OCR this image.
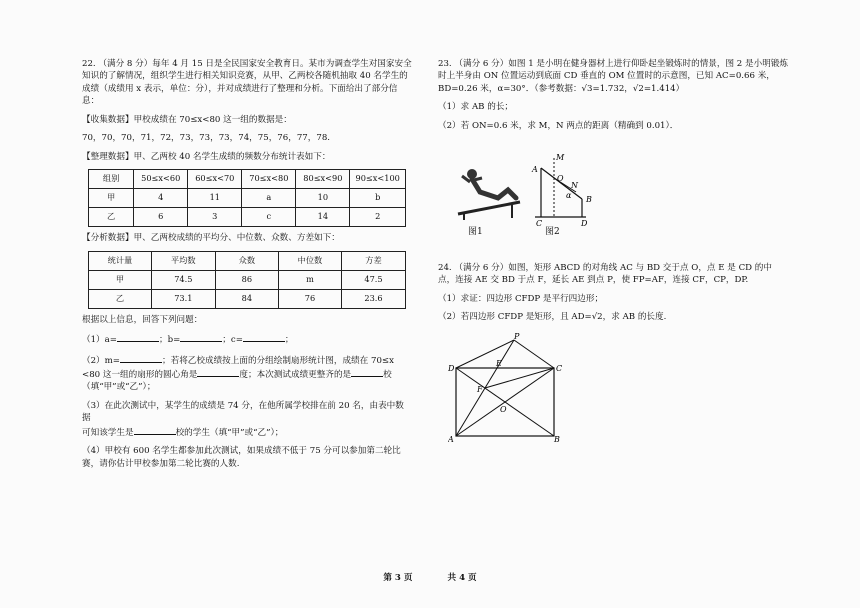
22. （满分 8 分）每年 4 月 15 日是全民国家安全教育日。某市为调查学生对国家安全知识的了解情况，组织学生进行相关知识竞赛，从甲、乙两校各随机抽取 40 名学生的成绩（成绩用 x 表示，单位：分），并对成绩进行了整理和分析。下面给出了部分信息：

【收集数据】甲校成绩在 70≤x<80 这一组的数据是：

70，70，70，71，72，73，73，73，74，75，76，77，78.

【整理数据】甲、乙两校 40 名学生成绩的频数分布统计表如下：

组别	50≤x<60	60≤x<70	70≤x<80	80≤x<90	90≤x<100
甲	4	11	a	10	b
乙	6	3	c	14	2

【分析数据】甲、乙两校成绩的平均分、中位数、众数、方差如下：

统计量	平均数	众数	中位数	方差
甲	74.5	86	m	47.5
乙	73.1	84	76	23.6

根据以上信息，回答下列问题：

（1）a=	；b=	；c=	；

（2）m=	；若将乙校成绩按上面的分组绘制扇形统计图，成绩在 70≤x
<80 这一组的扇形的圆心角是	度；本次测试成绩更整齐的是	校
（填“甲”或“乙”）；

（3）在此次测试中，某学生的成绩是 74 分，在他所属学校排在前 20 名，由表中数据
可知该学生是	校的学生（填“甲”或“乙”）；

（4）甲校有 600 名学生都参加此次测试，如果成绩不低于 75 分可以参加第二轮比赛，请你估计甲校参加第二轮比赛的人数.

23. （满分 6 分）如图 1 是小明在健身器材上进行仰卧起坐锻炼时的情景，图 2 是小明锻炼时上半身由 ON 位置运动到底面 CD 垂直的 OM 位置时的示意图，已知 AC=0.66 米，BD=0.26 米，α=30°．（参考数据：√3=1.732，√2=1.414）

（1）求 AB 的长；

（2）若 ON=0.6 米，求 M，N 两点的距离（精确到 0.01）．

图1
M
A
O
N
α B
C	D
图2

24. （满分 6 分）如图，矩形 ABCD 的对角线 AC 与 BD 交于点 O，点 E 是 CD 的中点，连接 AE 交 BD 于点 F，延长 AE 到点 P，使 FP=AF，连接 CF，CP，DP.

（1）求证：四边形 CFDP 是平行四边形；

（2）若四边形 CFDP 是矩形，且 AD=√2，求 AB 的长度.

P
D
E
C
F
O
A	B
第 3 页	共 4 页
